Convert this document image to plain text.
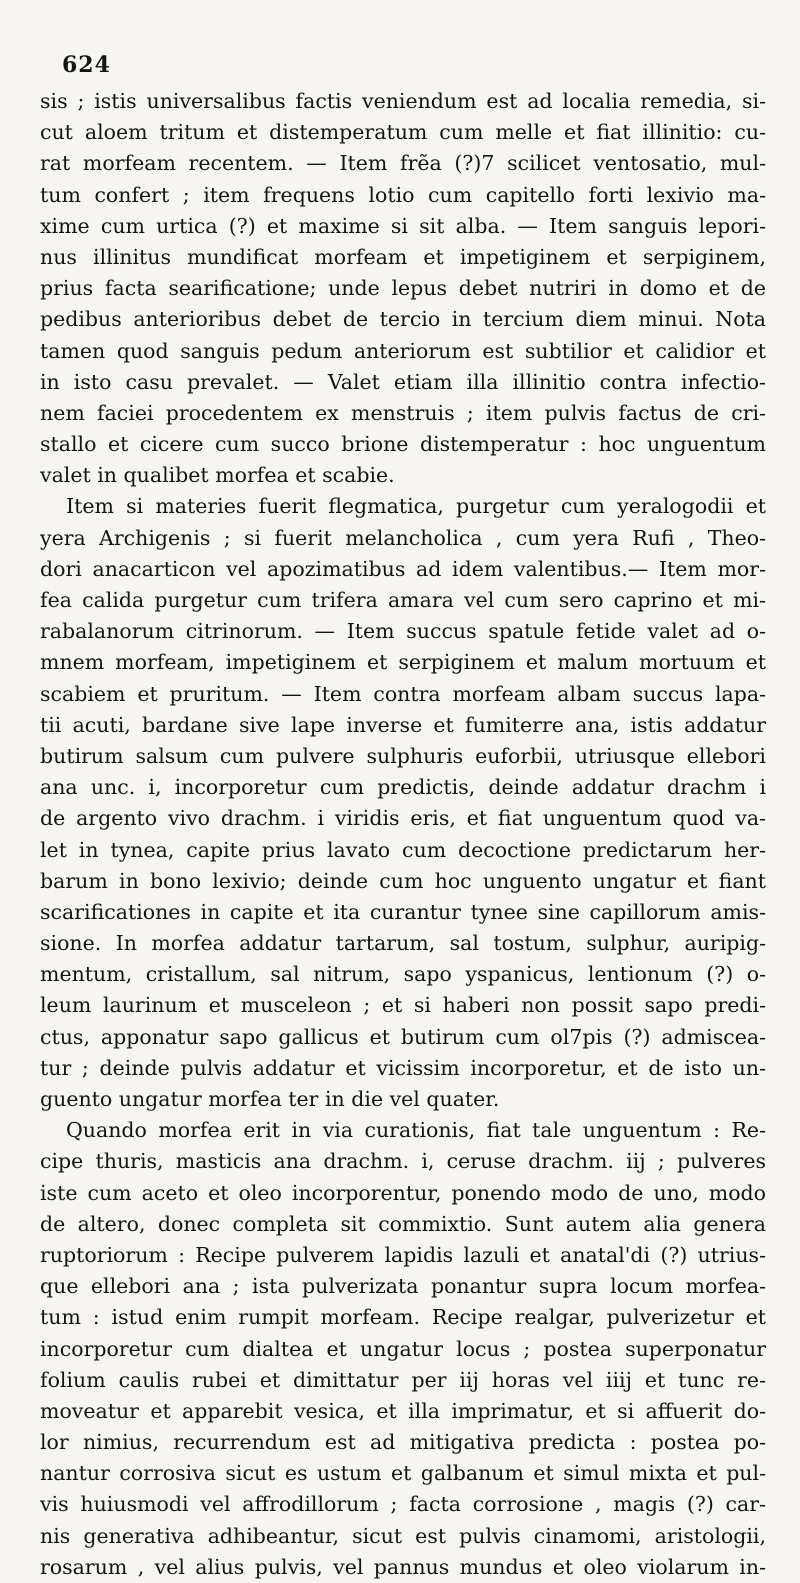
624
sis ; istis universalibus factis veniendum est ad localia remedia, si-
cut aloem tritum et distemperatum cum melle et fiat illinitio: cu-
rat morfeam recentem. — Item frẽa (?)7 scilicet ventosatio, mul-
tum confert ; item frequens lotio cum capitello forti lexivio ma-
xime cum urtica (?) et maxime si sit alba. — Item sanguis lepori-
nus illinitus mundificat morfeam et impetiginem et serpiginem,
prius facta searificatione; unde lepus debet nutriri in domo et de
pedibus anterioribus debet de tercio in tercium diem minui. Nota
tamen quod sanguis pedum anteriorum est subtilior et calidior et
in isto casu prevalet. — Valet etiam illa illinitio contra infectio-
nem faciei procedentem ex menstruis ; item pulvis factus de cri-
stallo et cicere cum succo brione distemperatur : hoc unguentum
valet in qualibet morfea et scabie.
Item si materies fuerit flegmatica, purgetur cum yeralogodii et
yera Archigenis ; si fuerit melancholica , cum yera Rufi , Theo-
dori anacarticon vel apozimatibus ad idem valentibus.— Item mor-
fea calida purgetur cum trifera amara vel cum sero caprino et mi-
rabalanorum citrinorum. — Item succus spatule fetide valet ad o-
mnem morfeam, impetiginem et serpiginem et malum mortuum et
scabiem et pruritum. — Item contra morfeam albam succus lapa-
tii acuti, bardane sive lape inverse et fumiterre ana, istis addatur
butirum salsum cum pulvere sulphuris euforbii, utriusque ellebori
ana unc. i, incorporetur cum predictis, deinde addatur drachm i
de argento vivo drachm. i viridis eris, et fiat unguentum quod va-
let in tynea, capite prius lavato cum decoctione predictarum her-
barum in bono lexivio; deinde cum hoc unguento ungatur et fiant
scarificationes in capite et ita curantur tynee sine capillorum amis-
sione. In morfea addatur tartarum, sal tostum, sulphur, auripig-
mentum, cristallum, sal nitrum, sapo yspanicus, lentionum (?) o-
leum laurinum et musceleon ; et si haberi non possit sapo predi-
ctus, apponatur sapo gallicus et butirum cum ol7pis (?) admiscea-
tur ; deinde pulvis addatur et vicissim incorporetur, et de isto un-
guento ungatur morfea ter in die vel quater.
Quando morfea erit in via curationis, fiat tale unguentum : Re-
cipe thuris, masticis ana drachm. i, ceruse drachm. iij ; pulveres
iste cum aceto et oleo incorporentur, ponendo modo de uno, modo
de altero, donec completa sit commixtio. Sunt autem alia genera
ruptoriorum : Recipe pulverem lapidis lazuli et anatal'di (?) utrius-
que ellebori ana ; ista pulverizata ponantur supra locum morfea-
tum : istud enim rumpit morfeam. Recipe realgar, pulverizetur et
incorporetur cum dialtea et ungatur locus ; postea superponatur
folium caulis rubei et dimittatur per iij horas vel iiij et tunc re-
moveatur et apparebit vesica, et illa imprimatur, et si affuerit do-
lor nimius, recurrendum est ad mitigativa predicta : postea po-
nantur corrosiva sicut es ustum et galbanum et simul mixta et pul-
vis huiusmodi vel affrodillorum ; facta corrosione , magis (?) car-
nis generativa adhibeantur, sicut est pulvis cinamomi, aristologii,
rosarum , vel alius pulvis, vel pannus mundus et oleo violarum in-
